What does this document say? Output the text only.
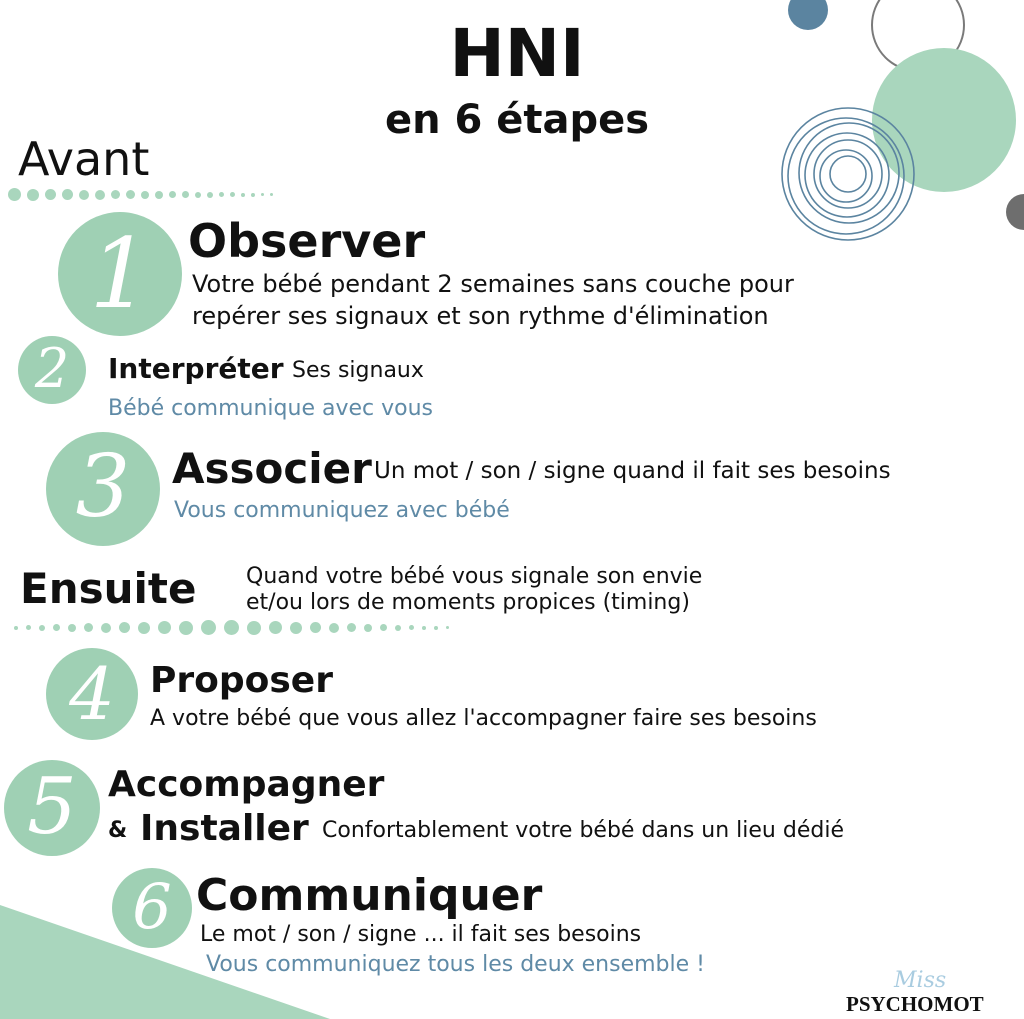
HNI
en 6 étapes
Avant
1 Observer
Votre bébé pendant 2 semaines sans couche pour
repérer ses signaux et son rythme d'élimination
2	Interpréter Ses signaux
Bébé communique avec vous
3 Associer Un mot / son / signe quand il fait ses besoins
Vous communiquez avec bébé
Ensuite Quand votre bébé vous signale son envie
et/ou lors de moments propices (timing)
4 Proposer
A votre bébé que vous allez l'accompagner faire ses besoins
5 Accompagner
& Installer Confortablement votre bébé dans un lieu dédié
6 Communiquer
Le mot / son / signe ... il fait ses besoins
Vous communiquez tous les deux ensemble !
Miss
PSYCHOMOT
